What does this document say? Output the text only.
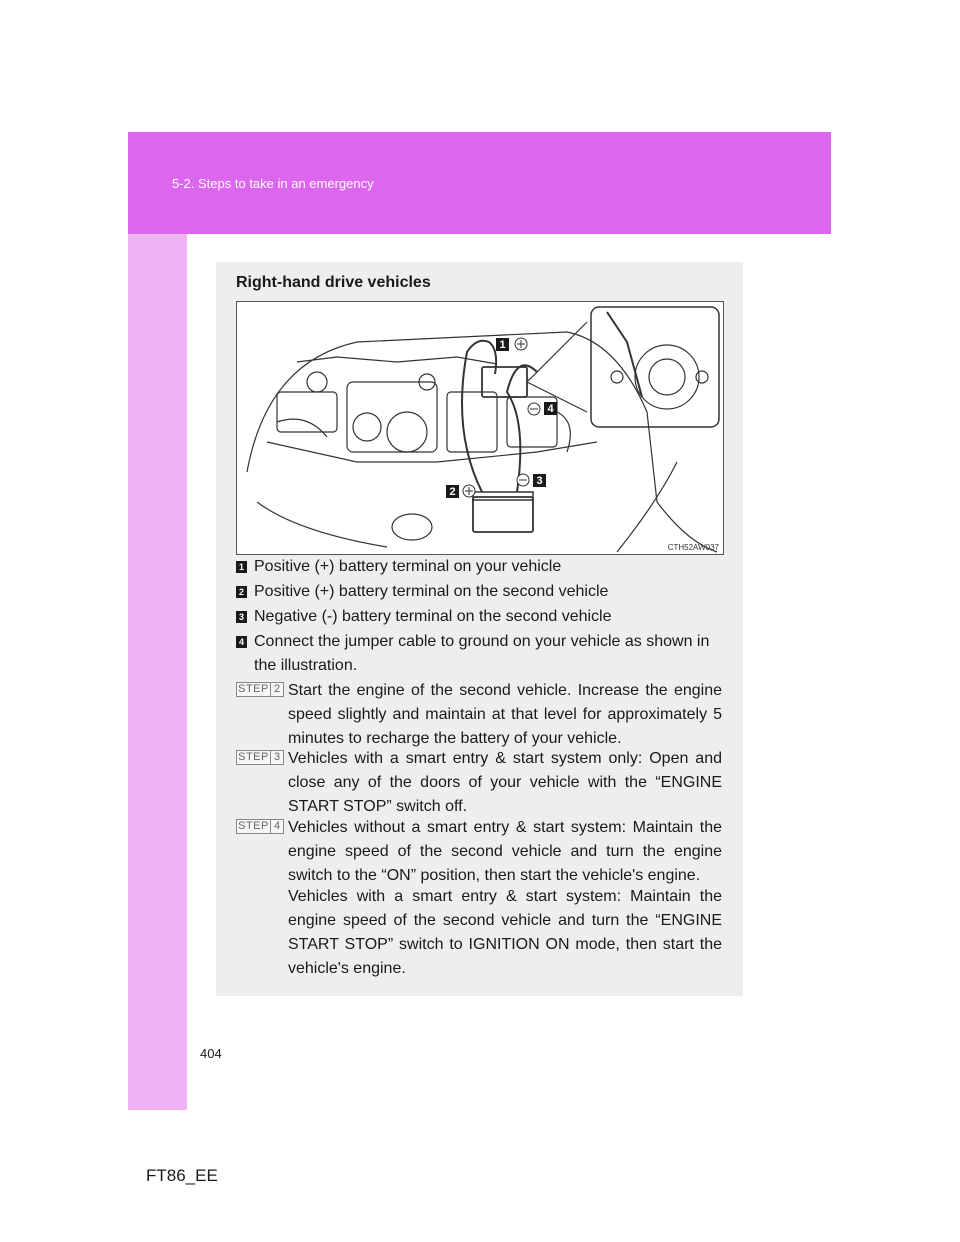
5-2. Steps to take in an emergency
Right-hand drive vehicles
1
4
2
3
CTH52AW037
1 Positive (+) battery terminal on your vehicle
2 Positive (+) battery terminal on the second vehicle
3 Negative (-) battery terminal on the second vehicle
4 Connect the jumper cable to ground on your vehicle as shown in the illustration.
STEP 2 Start the engine of the second vehicle. Increase the engine speed slightly and maintain at that level for approximately 5 minutes to recharge the battery of your vehicle.
STEP 3 Vehicles with a smart entry & start system only: Open and close any of the doors of your vehicle with the “ENGINE START STOP” switch off.
STEP 4 Vehicles without a smart entry & start system: Maintain the engine speed of the second vehicle and turn the engine switch to the “ON” position, then start the vehicle's engine.
Vehicles with a smart entry & start system: Maintain the engine speed of the second vehicle and turn the “ENGINE START STOP” switch to IGNITION ON mode, then start the vehicle's engine.
404
FT86_EE
